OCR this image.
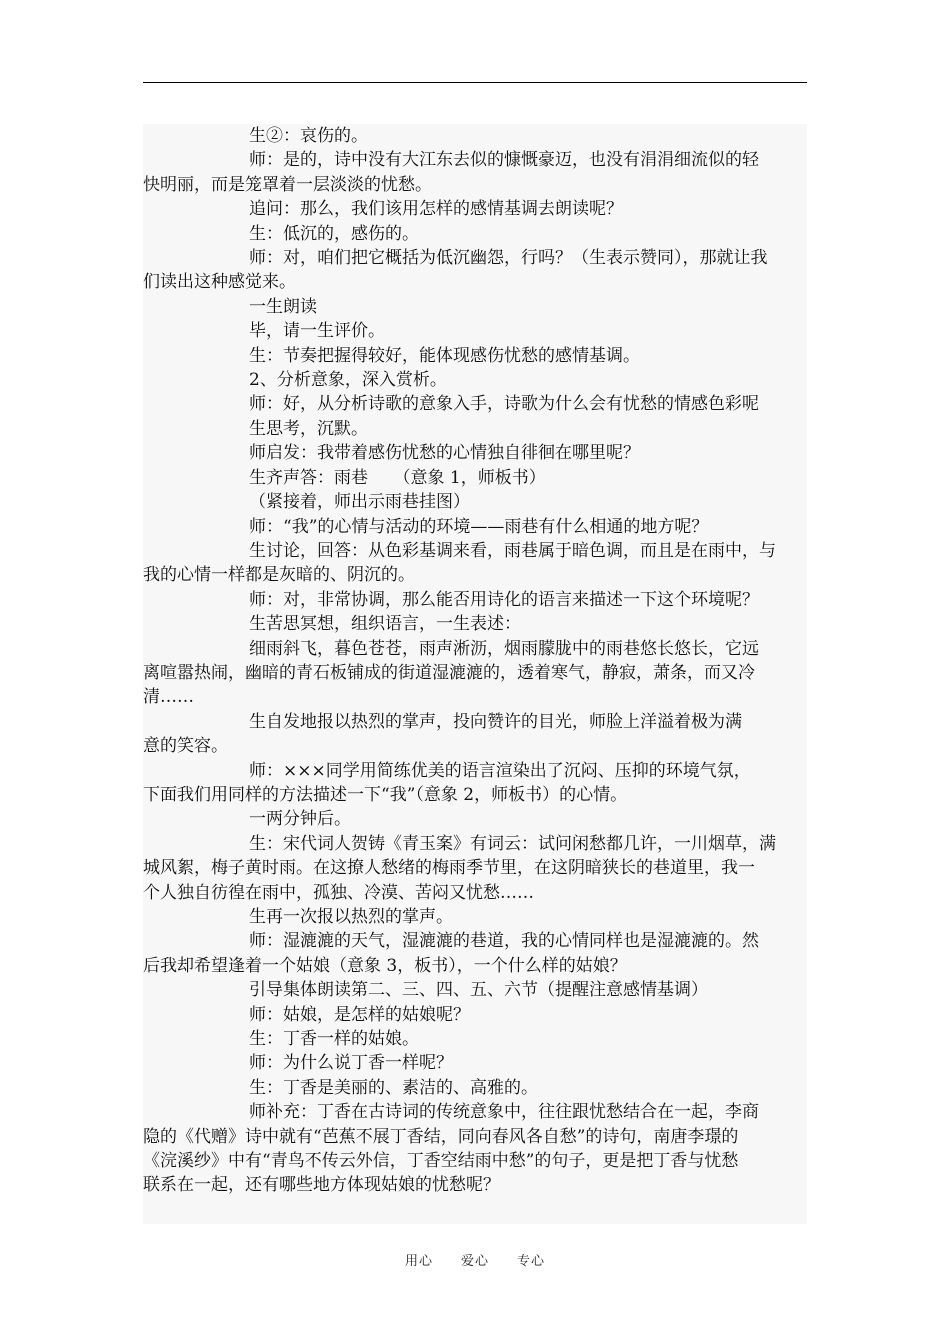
生②：哀伤的。

师：是的，诗中没有大江东去似的慷慨豪迈，也没有涓涓细流似的轻
快明丽，而是笼罩着一层淡淡的忧愁。

追问：那么，我们该用怎样的感情基调去朗读呢？

生：低沉的，感伤的。

师：对，咱们把它概括为低沉幽怨，行吗？（生表示赞同），那就让我
们读出这种感觉来。

一生朗读

毕，请一生评价。

生：节奏把握得较好，能体现感伤忧愁的感情基调。

2、分析意象，深入赏析。

师：好，从分析诗歌的意象入手，诗歌为什么会有忧愁的情感色彩呢

生思考，沉默。

师启发：我带着感伤忧愁的心情独自徘徊在哪里呢？

生齐声答：雨巷　　（意象 1，师板书）

（紧接着，师出示雨巷挂图）

师：“我”的心情与活动的环境——雨巷有什么相通的地方呢？

生讨论，回答：从色彩基调来看，雨巷属于暗色调，而且是在雨中，与
我的心情一样都是灰暗的、阴沉的。

师：对，非常协调，那么能否用诗化的语言来描述一下这个环境呢？

生苦思冥想，组织语言，一生表述：

细雨斜飞，暮色苍苍，雨声淅沥，烟雨朦胧中的雨巷悠长悠长，它远
离喧嚣热闹，幽暗的青石板铺成的街道湿漉漉的，透着寒气，静寂，萧条，而又冷
清……

生自发地报以热烈的掌声，投向赞许的目光，师脸上洋溢着极为满
意的笑容。

师：×××同学用简练优美的语言渲染出了沉闷、压抑的环境气氛，
下面我们用同样的方法描述一下“我”（意象 2，师板书）的心情。

一两分钟后。

生：宋代词人贺铸《青玉案》有词云：试问闲愁都几许，一川烟草，满
城风絮，梅子黄时雨。在这撩人愁绪的梅雨季节里，在这阴暗狭长的巷道里，我一
个人独自彷徨在雨中，孤独、冷漠、苦闷又忧愁……

生再一次报以热烈的掌声。

师：湿漉漉的天气，湿漉漉的巷道，我的心情同样也是湿漉漉的。然
后我却希望逢着一个姑娘（意象 3，板书），一个什么样的姑娘？

引导集体朗读第二、三、四、五、六节（提醒注意感情基调）

师：姑娘，是怎样的姑娘呢？

生：丁香一样的姑娘。

师：为什么说丁香一样呢？

生：丁香是美丽的、素洁的、高雅的。

师补充：丁香在古诗词的传统意象中，往往跟忧愁结合在一起，李商
隐的《代赠》诗中就有“芭蕉不展丁香结，同向春风各自愁”的诗句，南唐李璟的
《浣溪纱》中有“青鸟不传云外信，丁香空结雨中愁”的句子，更是把丁香与忧愁
联系在一起，还有哪些地方体现姑娘的忧愁呢？

用心　　爱心　　专心
